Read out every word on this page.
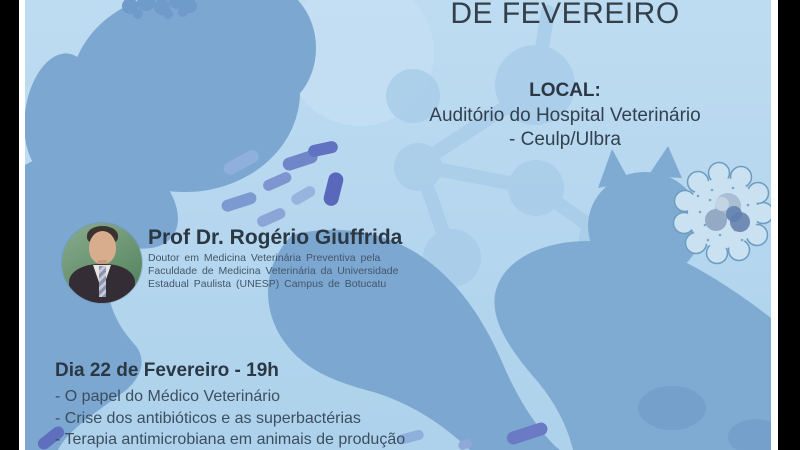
DE FEVEREIRO
LOCAL:
Auditório do Hospital Veterinário
- Ceulp/Ulbra
Prof Dr. Rogério Giuffrida
Doutor em Medicina Veterinária Preventiva pela
Faculdade de Medicina Veterinária da Universidade
Estadual Paulista (UNESP) Campus de Botucatu
Dia 22 de Fevereiro - 19h
- O papel do Médico Veterinário
- Crise dos antibióticos e as superbactérias
- Terapia antimicrobiana em animais de produção
